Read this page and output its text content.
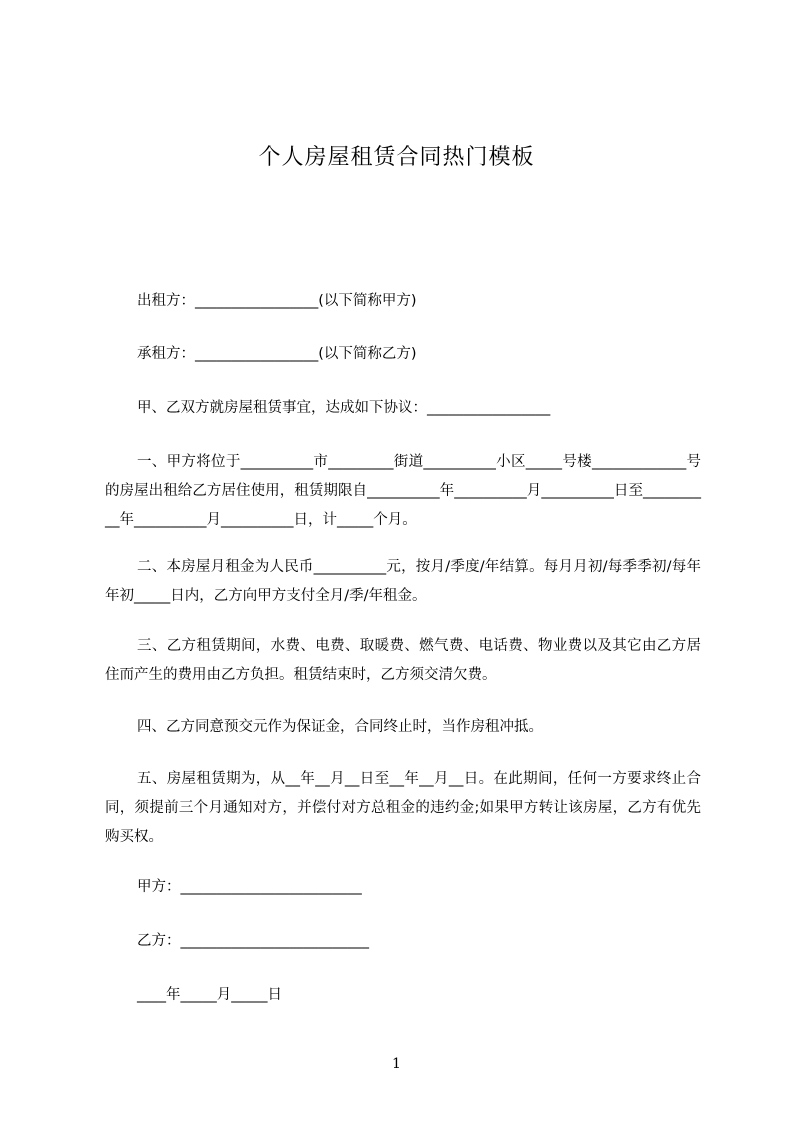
个人房屋租赁合同热门模板
出租方：_________________(以下简称甲方)
承租方：_________________(以下简称乙方)
甲、乙双方就房屋租赁事宜，达成如下协议：_________________
一、甲方将位于__________市_________街道__________小区_____号楼_____________号的房屋出租给乙方居住使用，租赁期限自__________年__________月__________日至__________年__________月__________日，计_____个月。
二、本房屋月租金为人民币__________元，按月/季度/年结算。每月月初/每季季初/每年年初_____日内，乙方向甲方支付全月/季/年租金。
三、乙方租赁期间，水费、电费、取暖费、燃气费、电话费、物业费以及其它由乙方居住而产生的费用由乙方负担。租赁结束时，乙方须交清欠费。
四、乙方同意预交元作为保证金，合同终止时，当作房租冲抵。
五、房屋租赁期为，从__年__月__日至__年__月__日。在此期间，任何一方要求终止合同，须提前三个月通知对方，并偿付对方总租金的违约金;如果甲方转让该房屋，乙方有优先购买权。
甲方：_________________________
乙方：__________________________
____年_____月_____日
1
